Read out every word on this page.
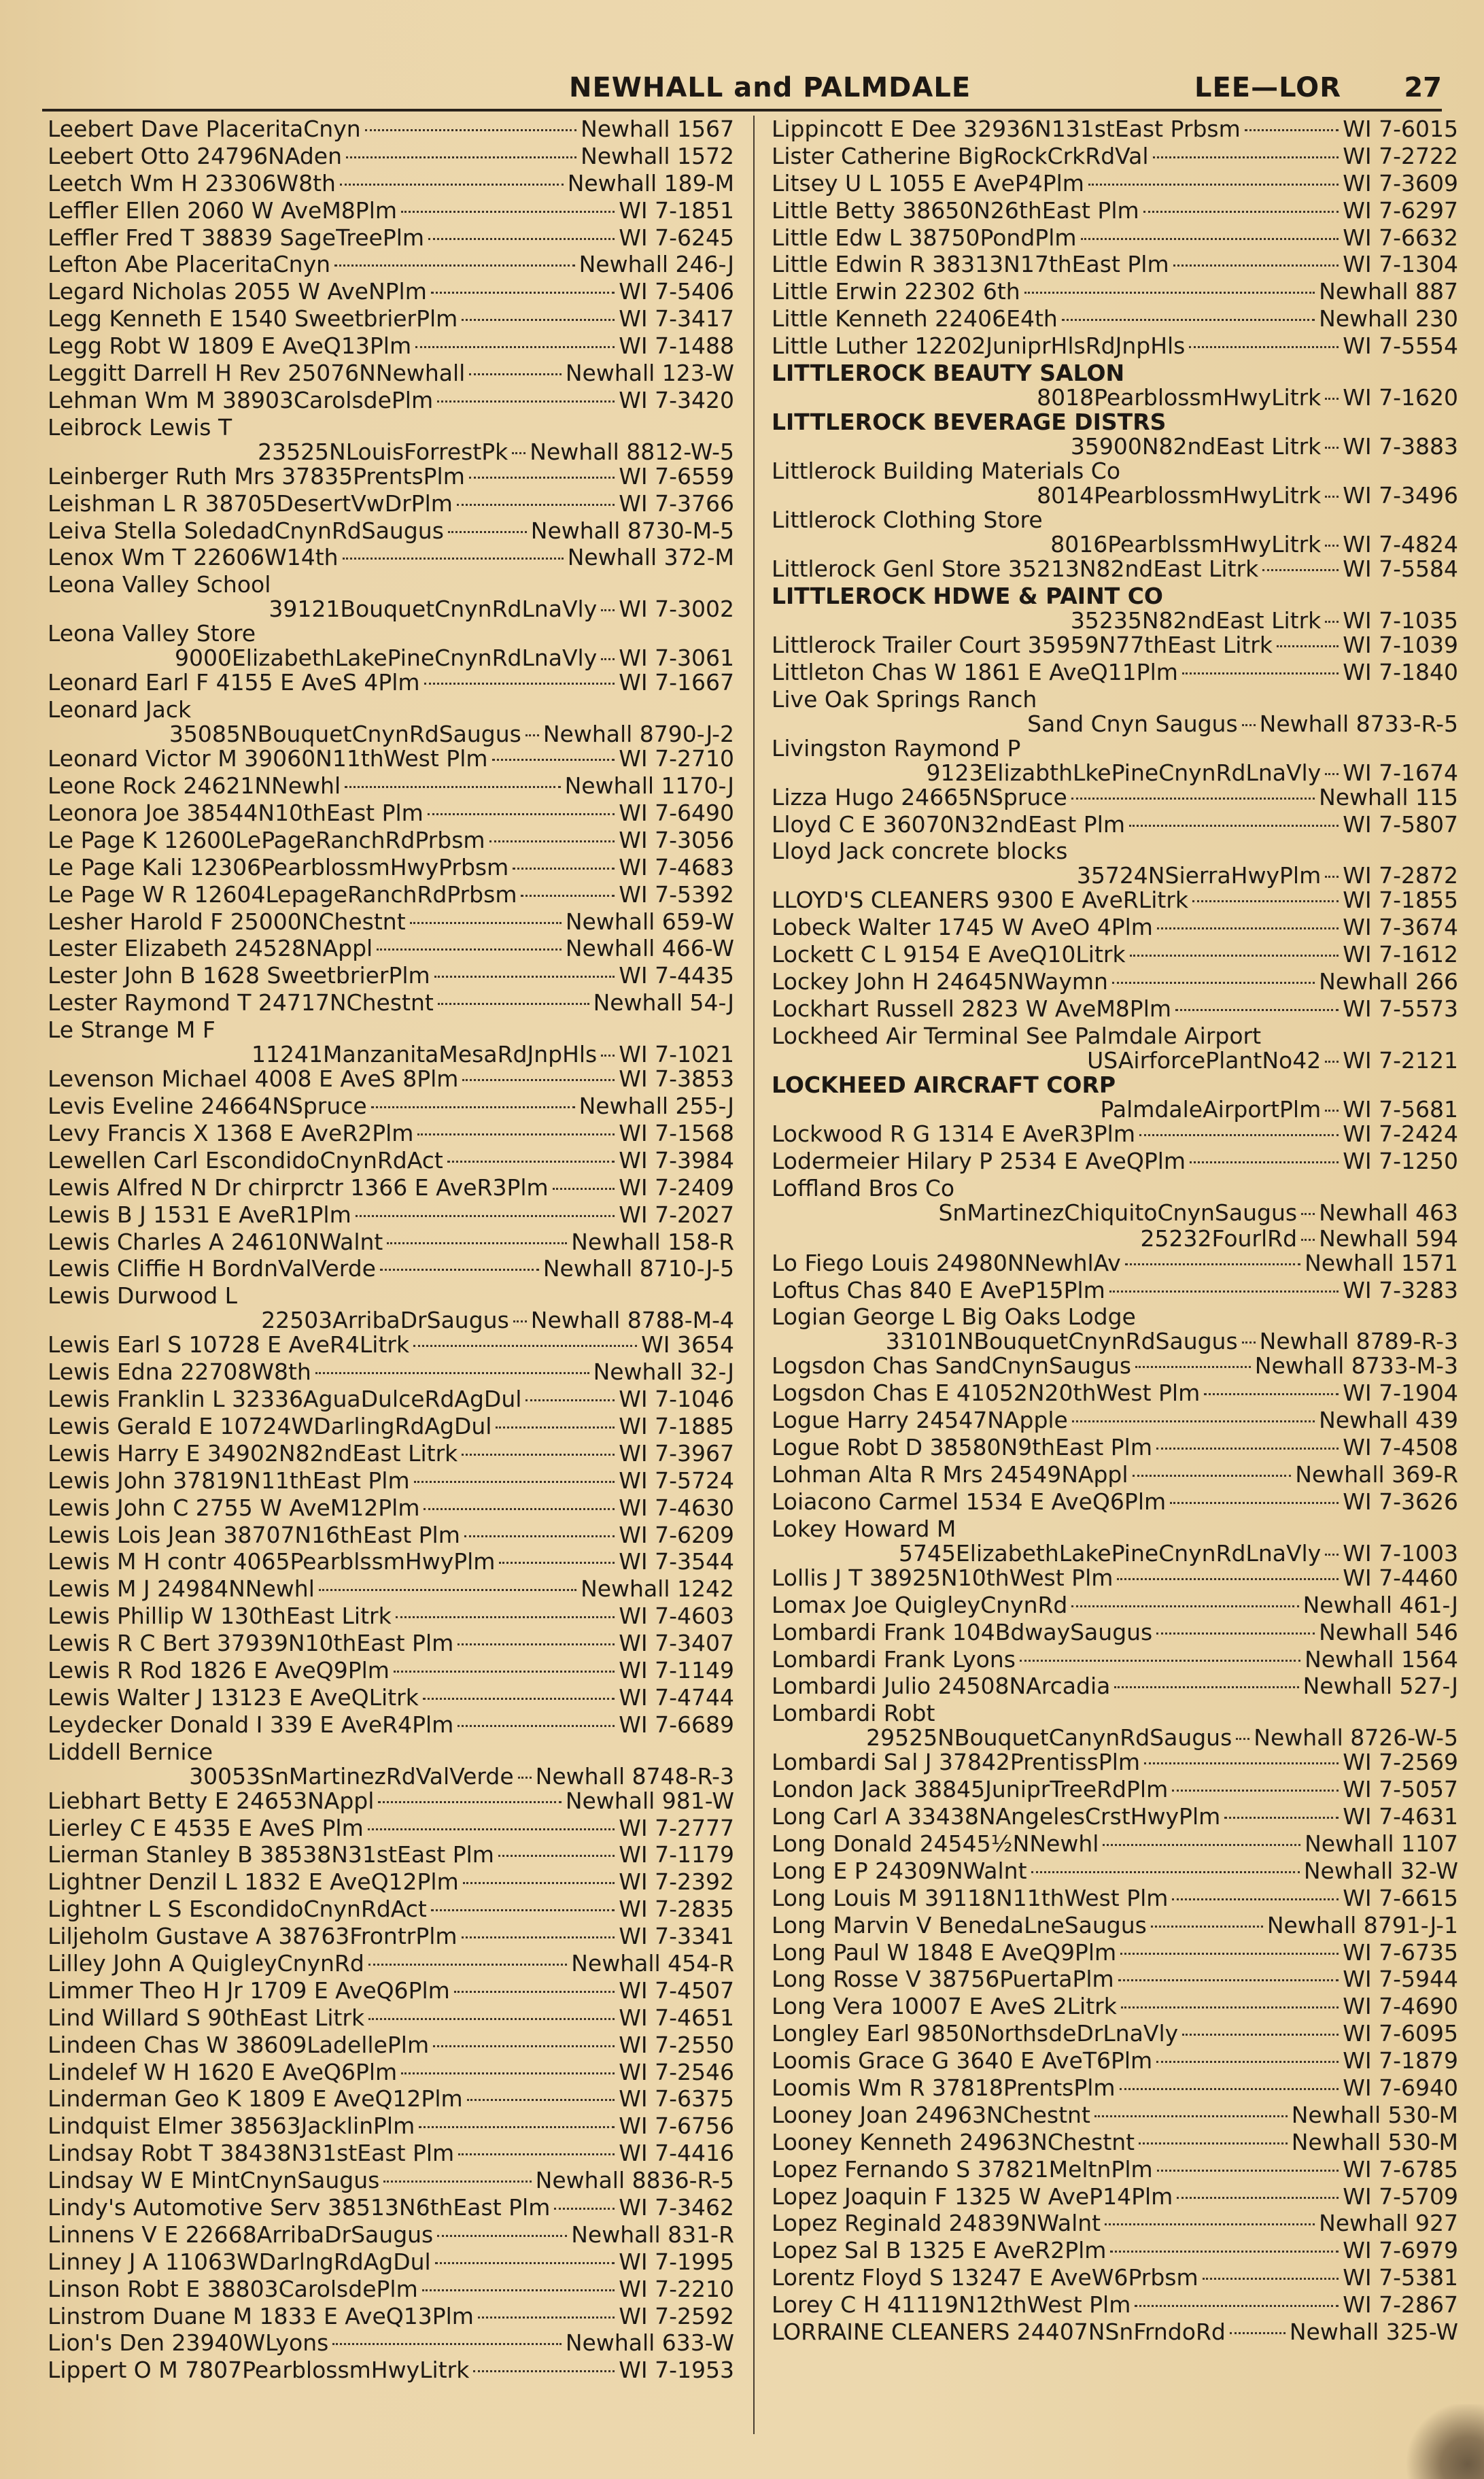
NEWHALL and PALMDALE	LEE—LOR 27
Leebert Dave PlaceritaCnyn	Newhall 1567
Leebert Otto 24796NAden	Newhall 1572
Leetch Wm H 23306W8th	Newhall 189-M
Leffler Ellen 2060 W AveM8Plm	WI 7-1851
Leffler Fred T 38839 SageTreePlm	WI 7-6245
Lefton Abe PlaceritaCnyn	Newhall 246-J
Legard Nicholas 2055 W AveNPlm	WI 7-5406
Legg Kenneth E 1540 SweetbrierPlm	WI 7-3417
Legg Robt W 1809 E AveQ13Plm	WI 7-1488
Leggitt Darrell H Rev 25076NNewhall	Newhall 123-W
Lehman Wm M 38903CarolsdePlm	WI 7-3420
Leibrock Lewis T
23525NLouisForrestPk Newhall 8812-W-5
Leinberger Ruth Mrs 37835PrentsPlm	WI 7-6559
Leishman L R 38705DesertVwDrPlm	WI 7-3766
Leiva Stella SoledadCnynRdSaugus	Newhall 8730-M-5
Lenox Wm T 22606W14th	Newhall 372-M
Leona Valley School
39121BouquetCnynRdLnaVly WI 7-3002
Leona Valley Store
9000ElizabethLakePineCnynRdLnaVly WI 7-3061
Leonard Earl F 4155 E AveS 4Plm	WI 7-1667
Leonard Jack
35085NBouquetCnynRdSaugus Newhall 8790-J-2
Leonard Victor M 39060N11thWest Plm	WI 7-2710
Leone Rock 24621NNewhl	Newhall 1170-J
Leonora Joe 38544N10thEast Plm	WI 7-6490
Le Page K 12600LePageRanchRdPrbsm	WI 7-3056
Le Page Kali 12306PearblossmHwyPrbsm	WI 7-4683
Le Page W R 12604LepageRanchRdPrbsm	WI 7-5392
Lesher Harold F 25000NChestnt	Newhall 659-W
Lester Elizabeth 24528NAppl	Newhall 466-W
Lester John B 1628 SweetbrierPlm	WI 7-4435
Lester Raymond T 24717NChestnt	Newhall 54-J
Le Strange M F
11241ManzanitaMesaRdJnpHls WI 7-1021
Levenson Michael 4008 E AveS 8Plm	WI 7-3853
Levis Eveline 24664NSpruce	Newhall 255-J
Levy Francis X 1368 E AveR2Plm	WI 7-1568
Lewellen Carl EscondidoCnynRdAct	WI 7-3984
Lewis Alfred N Dr chirprctr 1366 E AveR3Plm	WI 7-2409
Lewis B J 1531 E AveR1Plm	WI 7-2027
Lewis Charles A 24610NWalnt	Newhall 158-R
Lewis Cliffie H BordnValVerde	Newhall 8710-J-5
Lewis Durwood L
22503ArribaDrSaugus Newhall 8788-M-4
Lewis Earl S 10728 E AveR4Litrk	WI 3654
Lewis Edna 22708W8th	Newhall 32-J
Lewis Franklin L 32336AguaDulceRdAgDul	WI 7-1046
Lewis Gerald E 10724WDarlingRdAgDul	WI 7-1885
Lewis Harry E 34902N82ndEast Litrk	WI 7-3967
Lewis John 37819N11thEast Plm	WI 7-5724
Lewis John C 2755 W AveM12Plm	WI 7-4630
Lewis Lois Jean 38707N16thEast Plm	WI 7-6209
Lewis M H contr 4065PearblssmHwyPlm	WI 7-3544
Lewis M J 24984NNewhl	Newhall 1242
Lewis Phillip W 130thEast Litrk	WI 7-4603
Lewis R C Bert 37939N10thEast Plm	WI 7-3407
Lewis R Rod 1826 E AveQ9Plm	WI 7-1149
Lewis Walter J 13123 E AveQLitrk	WI 7-4744
Leydecker Donald I 339 E AveR4Plm	WI 7-6689
Liddell Bernice
30053SnMartinezRdValVerde Newhall 8748-R-3
Liebhart Betty E 24653NAppl	Newhall 981-W
Lierley C E 4535 E AveS Plm	WI 7-2777
Lierman Stanley B 38538N31stEast Plm	WI 7-1179
Lightner Denzil L 1832 E AveQ12Plm	WI 7-2392
Lightner L S EscondidoCnynRdAct	WI 7-2835
Liljeholm Gustave A 38763FrontrPlm	WI 7-3341
Lilley John A QuigleyCnynRd	Newhall 454-R
Limmer Theo H Jr 1709 E AveQ6Plm	WI 7-4507
Lind Willard S 90thEast Litrk	WI 7-4651
Lindeen Chas W 38609LadellePlm	WI 7-2550
Lindelef W H 1620 E AveQ6Plm	WI 7-2546
Linderman Geo K 1809 E AveQ12Plm	WI 7-6375
Lindquist Elmer 38563JacklinPlm	WI 7-6756
Lindsay Robt T 38438N31stEast Plm	WI 7-4416
Lindsay W E MintCnynSaugus	Newhall 8836-R-5
Lindy's Automotive Serv 38513N6thEast Plm	WI 7-3462
Linnens V E 22668ArribaDrSaugus	Newhall 831-R
Linney J A 11063WDarlngRdAgDul	WI 7-1995
Linson Robt E 38803CarolsdePlm	WI 7-2210
Linstrom Duane M 1833 E AveQ13Plm	WI 7-2592
Lion's Den 23940WLyons	Newhall 633-W
Lippert O M 7807PearblossmHwyLitrk	WI 7-1953
Lippincott E Dee 32936N131stEast Prbsm	WI 7-6015
Lister Catherine BigRockCrkRdVal	WI 7-2722
Litsey U L 1055 E AveP4Plm	WI 7-3609
Little Betty 38650N26thEast Plm	WI 7-6297
Little Edw L 38750PondPlm	WI 7-6632
Little Edwin R 38313N17thEast Plm	WI 7-1304
Little Erwin 22302 6th	Newhall 887
Little Kenneth 22406E4th	Newhall 230
Little Luther 12202JuniprHlsRdJnpHls	WI 7-5554
LITTLEROCK BEAUTY SALON
8018PearblossmHwyLitrk WI 7-1620
LITTLEROCK BEVERAGE DISTRS
35900N82ndEast Litrk WI 7-3883
Littlerock Building Materials Co
8014PearblossmHwyLitrk WI 7-3496
Littlerock Clothing Store
8016PearblssmHwyLitrk WI 7-4824
Littlerock Genl Store 35213N82ndEast Litrk	WI 7-5584
LITTLEROCK HDWE & PAINT CO
35235N82ndEast Litrk WI 7-1035
Littlerock Trailer Court 35959N77thEast Litrk	WI 7-1039
Littleton Chas W 1861 E AveQ11Plm	WI 7-1840
Live Oak Springs Ranch
Sand Cnyn Saugus Newhall 8733-R-5
Livingston Raymond P
9123ElizabthLkePineCnynRdLnaVly WI 7-1674
Lizza Hugo 24665NSpruce	Newhall 115
Lloyd C E 36070N32ndEast Plm	WI 7-5807
Lloyd Jack concrete blocks
35724NSierraHwyPlm WI 7-2872
LLOYD'S CLEANERS 9300 E AveRLitrk	WI 7-1855
Lobeck Walter 1745 W AveO 4Plm	WI 7-3674
Lockett C L 9154 E AveQ10Litrk	WI 7-1612
Lockey John H 24645NWaymn	Newhall 266
Lockhart Russell 2823 W AveM8Plm	WI 7-5573
Lockheed Air Terminal See Palmdale Airport
USAirforcePlantNo42 WI 7-2121
LOCKHEED AIRCRAFT CORP
PalmdaleAirportPlm WI 7-5681
Lockwood R G 1314 E AveR3Plm	WI 7-2424
Lodermeier Hilary P 2534 E AveQPlm	WI 7-1250
Loffland Bros Co
SnMartinezChiquitoCnynSaugus Newhall 463
25232FourlRd Newhall 594
Lo Fiego Louis 24980NNewhlAv	Newhall 1571
Loftus Chas 840 E AveP15Plm	WI 7-3283
Logian George L Big Oaks Lodge
33101NBouquetCnynRdSaugus Newhall 8789-R-3
Logsdon Chas SandCnynSaugus	Newhall 8733-M-3
Logsdon Chas E 41052N20thWest Plm	WI 7-1904
Logue Harry 24547NApple	Newhall 439
Logue Robt D 38580N9thEast Plm	WI 7-4508
Lohman Alta R Mrs 24549NAppl	Newhall 369-R
Loiacono Carmel 1534 E AveQ6Plm	WI 7-3626
Lokey Howard M
5745ElizabethLakePineCnynRdLnaVly WI 7-1003
Lollis J T 38925N10thWest Plm	WI 7-4460
Lomax Joe QuigleyCnynRd	Newhall 461-J
Lombardi Frank 104BdwaySaugus	Newhall 546
Lombardi Frank Lyons	Newhall 1564
Lombardi Julio 24508NArcadia	Newhall 527-J
Lombardi Robt
29525NBouquetCanynRdSaugus Newhall 8726-W-5
Lombardi Sal J 37842PrentissPlm	WI 7-2569
London Jack 38845JuniprTreeRdPlm	WI 7-5057
Long Carl A 33438NAngelesCrstHwyPlm	WI 7-4631
Long Donald 24545½NNewhl	Newhall 1107
Long E P 24309NWalnt	Newhall 32-W
Long Louis M 39118N11thWest Plm	WI 7-6615
Long Marvin V BenedaLneSaugus	Newhall 8791-J-1
Long Paul W 1848 E AveQ9Plm	WI 7-6735
Long Rosse V 38756PuertaPlm	WI 7-5944
Long Vera 10007 E AveS 2Litrk	WI 7-4690
Longley Earl 9850NorthsdeDrLnaVly	WI 7-6095
Loomis Grace G 3640 E AveT6Plm	WI 7-1879
Loomis Wm R 37818PrentsPlm	WI 7-6940
Looney Joan 24963NChestnt	Newhall 530-M
Looney Kenneth 24963NChestnt	Newhall 530-M
Lopez Fernando S 37821MeltnPlm	WI 7-6785
Lopez Joaquin F 1325 W AveP14Plm	WI 7-5709
Lopez Reginald 24839NWalnt	Newhall 927
Lopez Sal B 1325 E AveR2Plm	WI 7-6979
Lorentz Floyd S 13247 E AveW6Prbsm	WI 7-5381
Lorey C H 41119N12thWest Plm	WI 7-2867
LORRAINE CLEANERS 24407NSnFrndoRd	Newhall 325-W
